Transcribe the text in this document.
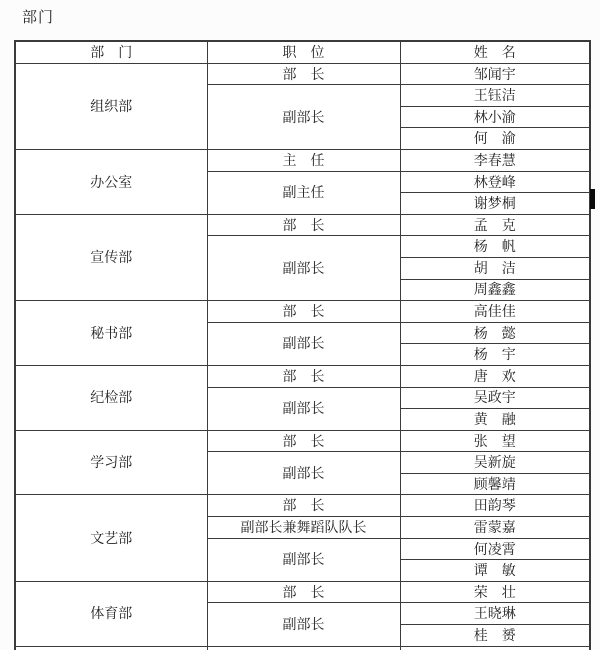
部门
部　门	职　位	姓　名
组织部	部　长	邹闻宇
	副部长	王钰洁
		林小渝
		何　渝
办公室	主　任	李春慧
	副主任	林登峰
		谢梦桐
宣传部	部　长	孟　克
	副部长	杨　帆
		胡　洁
		周鑫鑫
秘书部	部　长	高佳佳
	副部长	杨　懿
		杨　宇
纪检部	部　长	唐　欢
	副部长	吴政宇
		黄　融
学习部	部　长	张　望
	副部长	吴新旋
		顾馨靖
文艺部	部　长	田韵琴
	副部长兼舞蹈队队长	雷蒙嘉
	副部长	何凌霄
		谭　敏
体育部	部　长	荣　壮
	副部长	王晓琳
		桂　赟
